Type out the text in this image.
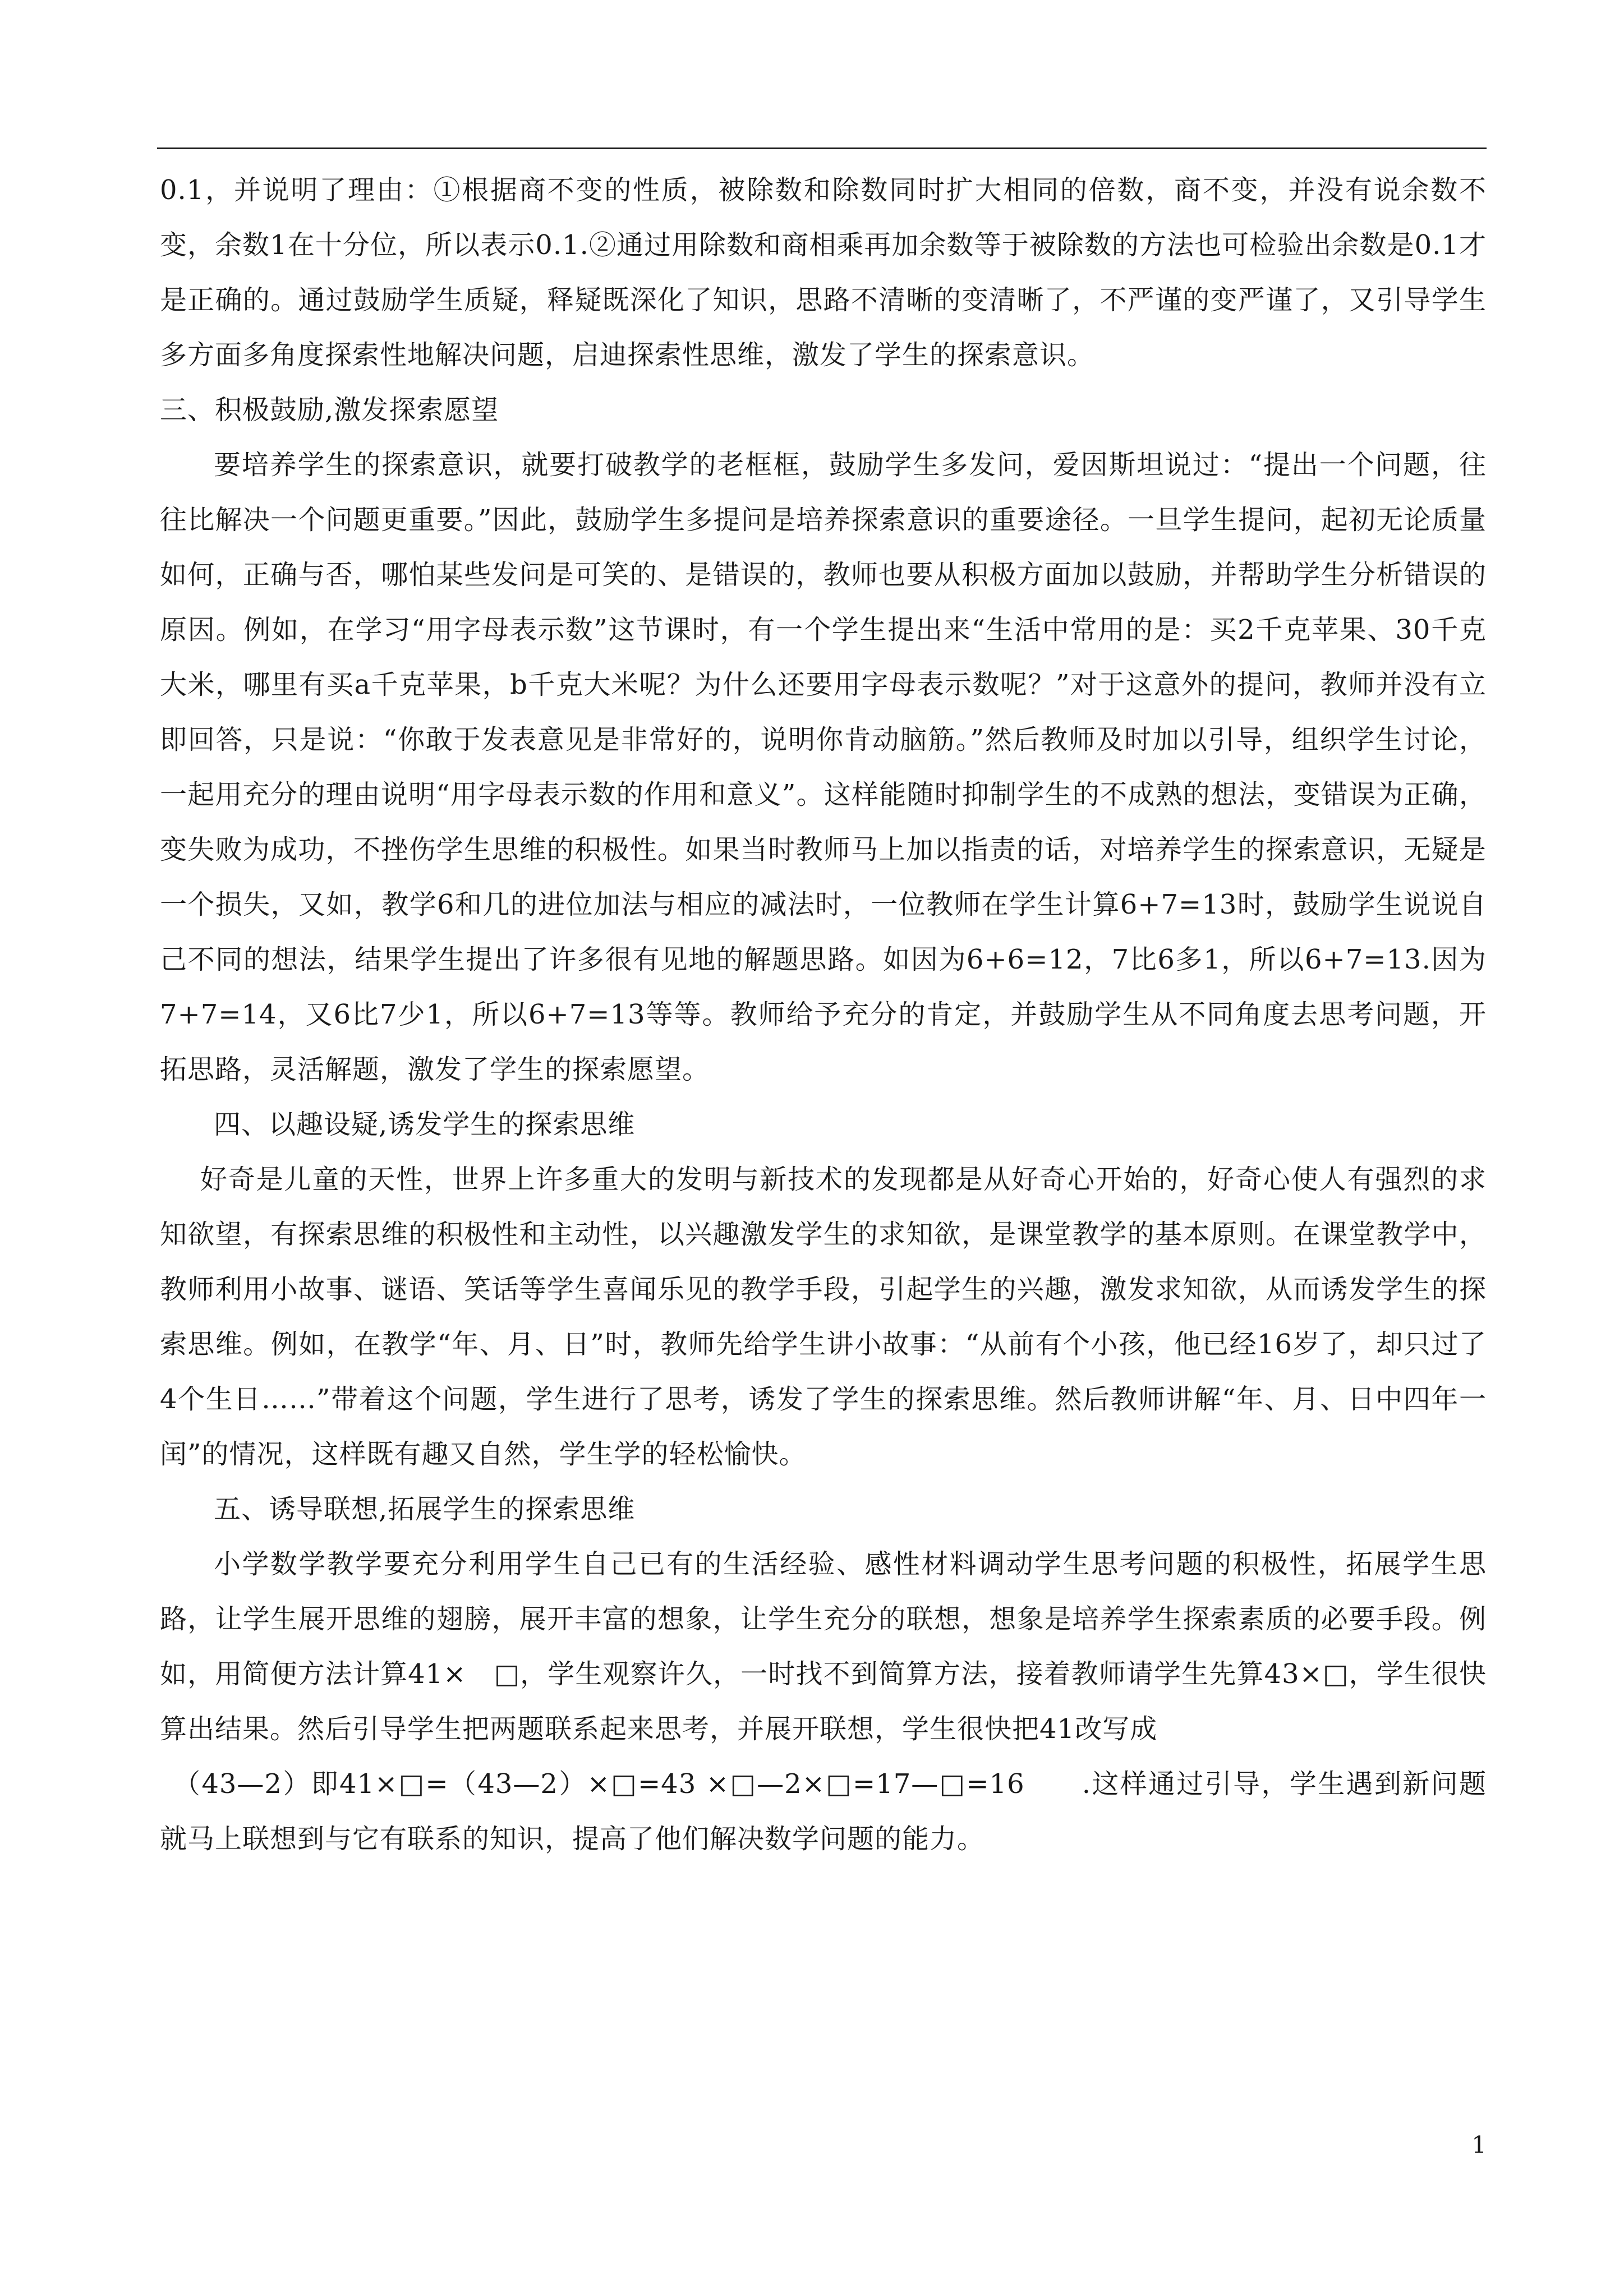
0.1，并说明了理由：①根据商不变的性质，被除数和除数同时扩大相同的倍数，商不变，并没有说余数不变，余数1在十分位，所以表示0.1.②通过用除数和商相乘再加余数等于被除数的方法也可检验出余数是0.1才是正确的。通过鼓励学生质疑，释疑既深化了知识，思路不清晰的变清晰了，不严谨的变严谨了，又引导学生多方面多角度探索性地解决问题，启迪探索性思维，激发了学生的探索意识。

三、积极鼓励,激发探索愿望

要培养学生的探索意识，就要打破教学的老框框，鼓励学生多发问，爱因斯坦说过：“提出一个问题，往往比解决一个问题更重要。”因此，鼓励学生多提问是培养探索意识的重要途径。一旦学生提问，起初无论质量如何，正确与否，哪怕某些发问是可笑的、是错误的，教师也要从积极方面加以鼓励，并帮助学生分析错误的原因。例如，在学习“用字母表示数”这节课时，有一个学生提出来“生活中常用的是：买2千克苹果、30千克大米，哪里有买a千克苹果，b千克大米呢？为什么还要用字母表示数呢？”对于这意外的提问，教师并没有立即回答，只是说：“你敢于发表意见是非常好的，说明你肯动脑筋。”然后教师及时加以引导，组织学生讨论，一起用充分的理由说明“用字母表示数的作用和意义”。这样能随时抑制学生的不成熟的想法，变错误为正确，变失败为成功，不挫伤学生思维的积极性。如果当时教师马上加以指责的话，对培养学生的探索意识，无疑是一个损失，又如，教学6和几的进位加法与相应的减法时，一位教师在学生计算6+7=13时，鼓励学生说说自己不同的想法，结果学生提出了许多很有见地的解题思路。如因为6+6=12，7比6多1，所以6+7=13.因为7+7=14，又6比7少1，所以6+7=13等等。教师给予充分的肯定，并鼓励学生从不同角度去思考问题，开拓思路，灵活解题，激发了学生的探索愿望。

四、以趣设疑,诱发学生的探索思维

好奇是儿童的天性，世界上许多重大的发明与新技术的发现都是从好奇心开始的，好奇心使人有强烈的求知欲望，有探索思维的积极性和主动性，以兴趣激发学生的求知欲，是课堂教学的基本原则。在课堂教学中，教师利用小故事、谜语、笑话等学生喜闻乐见的教学手段，引起学生的兴趣，激发求知欲，从而诱发学生的探索思维。例如，在教学“年、月、日”时，教师先给学生讲小故事：“从前有个小孩，他已经16岁了，却只过了4个生日……”带着这个问题，学生进行了思考，诱发了学生的探索思维。然后教师讲解“年、月、日中四年一闰”的情况，这样既有趣又自然，学生学的轻松愉快。

五、诱导联想,拓展学生的探索思维

小学数学教学要充分利用学生自己已有的生活经验、感性材料调动学生思考问题的积极性，拓展学生思路，让学生展开思维的翅膀，展开丰富的想象，让学生充分的联想，想象是培养学生探索素质的必要手段。例如，用简便方法计算41×　□，学生观察许久，一时找不到简算方法，接着教师请学生先算43×□，学生很快算出结果。然后引导学生把两题联系起来思考，并展开联想，学生很快把41改写成

（43—2）即41×□=（43—2）×□=43 ×□—2×□=17—□=16　　.这样通过引导，学生遇到新问题就马上联想到与它有联系的知识，提高了他们解决数学问题的能力。

1
